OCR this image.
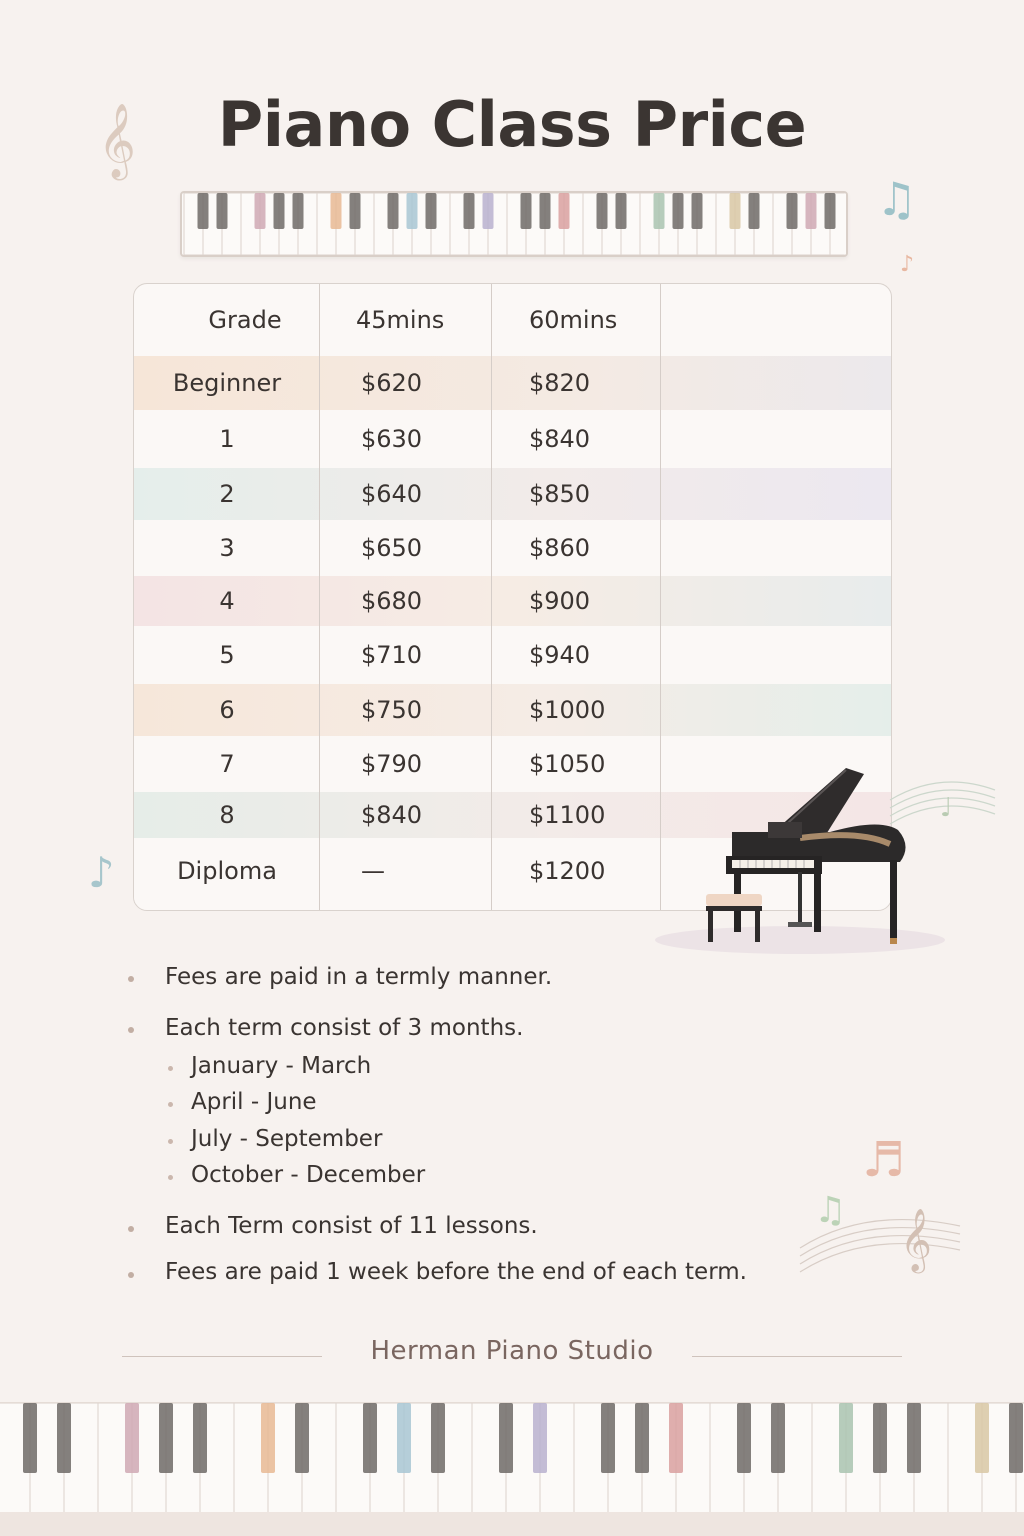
Piano Class Price
𝄞
♫
♪
♪
♬
♫
Grade	45mins	60mins
Beginner	$620	$820
1	$630	$840
2	$640	$850
3	$650	$860
4	$680	$900
5	$710	$940
6	$750	$1000
7	$790	$1050
8	$840	$1100
Diploma	—	$1200
♩
Fees are paid in a termly manner.
Each term consist of 3 months.
January - March
April - June
July - September
October - December
Each Term consist of 11 lessons.
Fees are paid 1 week before the end of each term.
𝄞
Herman Piano Studio
